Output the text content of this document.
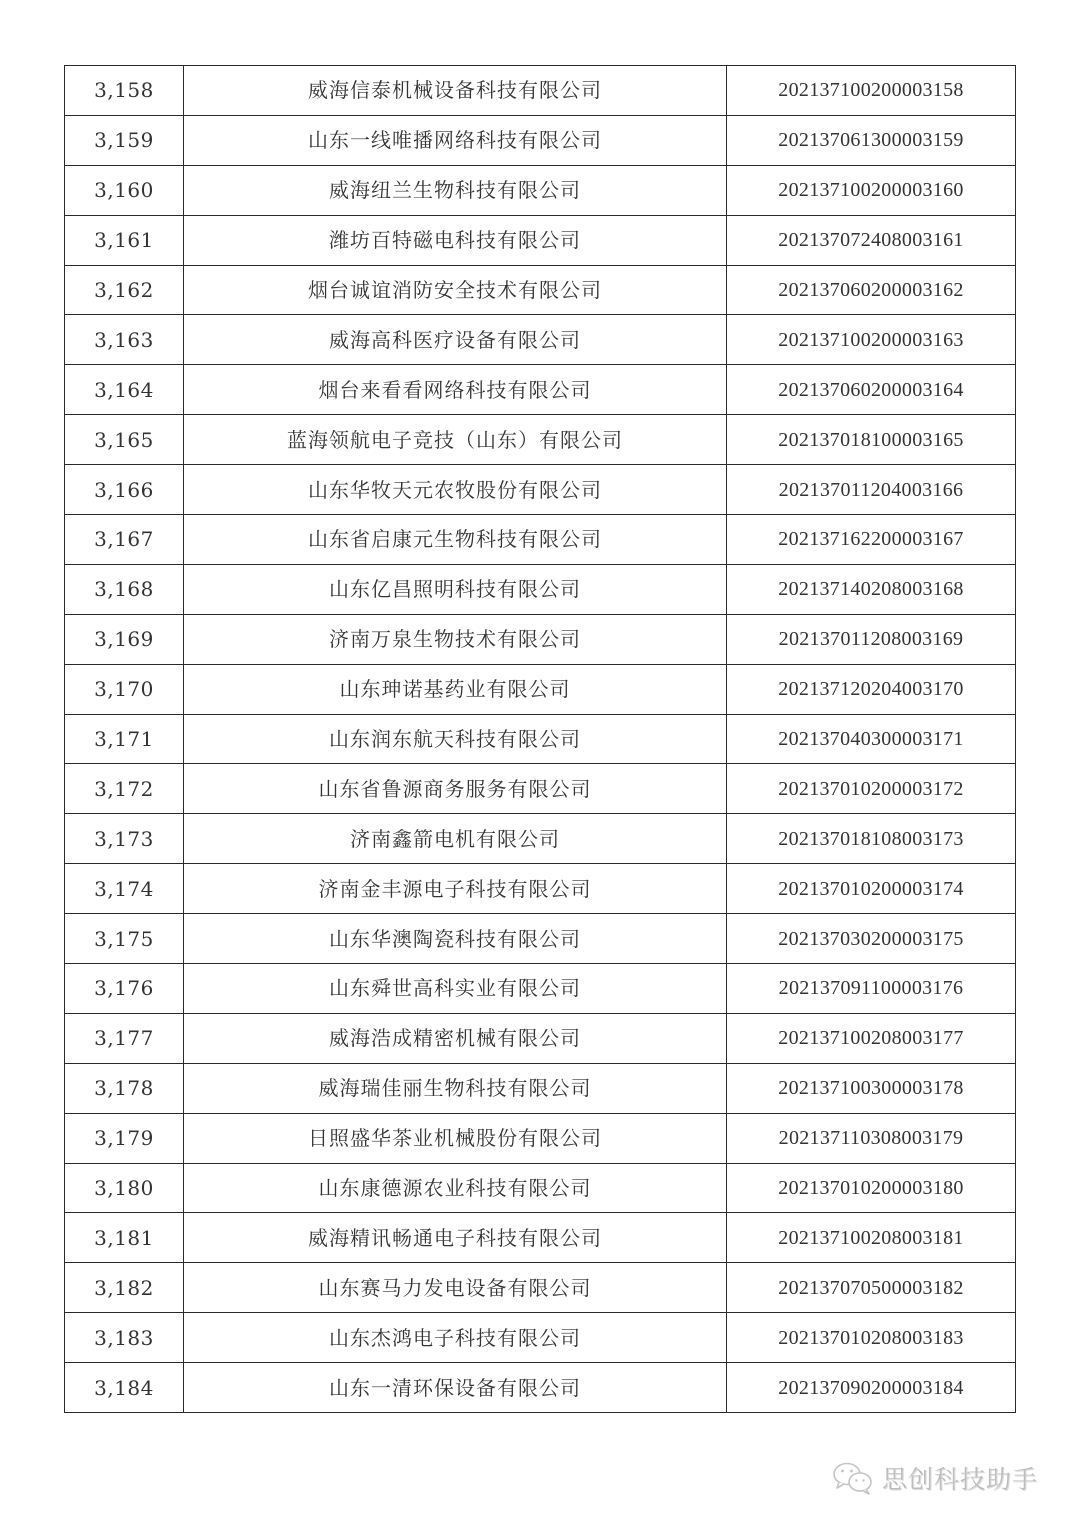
3,158	威海信泰机械设备科技有限公司	202137100200003158
3,159	山东一线唯播网络科技有限公司	202137061300003159
3,160	威海纽兰生物科技有限公司	202137100200003160
3,161	潍坊百特磁电科技有限公司	202137072408003161
3,162	烟台诚谊消防安全技术有限公司	202137060200003162
3,163	威海高科医疗设备有限公司	202137100200003163
3,164	烟台来看看网络科技有限公司	202137060200003164
3,165	蓝海领航电子竞技（山东）有限公司	202137018100003165
3,166	山东华牧天元农牧股份有限公司	202137011204003166
3,167	山东省启康元生物科技有限公司	202137162200003167
3,168	山东亿昌照明科技有限公司	202137140208003168
3,169	济南万泉生物技术有限公司	202137011208003169
3,170	山东珅诺基药业有限公司	202137120204003170
3,171	山东润东航天科技有限公司	202137040300003171
3,172	山东省鲁源商务服务有限公司	202137010200003172
3,173	济南鑫箭电机有限公司	202137018108003173
3,174	济南金丰源电子科技有限公司	202137010200003174
3,175	山东华澳陶瓷科技有限公司	202137030200003175
3,176	山东舜世高科实业有限公司	202137091100003176
3,177	威海浩成精密机械有限公司	202137100208003177
3,178	威海瑞佳丽生物科技有限公司	202137100300003178
3,179	日照盛华茶业机械股份有限公司	202137110308003179
3,180	山东康德源农业科技有限公司	202137010200003180
3,181	威海精讯畅通电子科技有限公司	202137100208003181
3,182	山东赛马力发电设备有限公司	202137070500003182
3,183	山东杰鸿电子科技有限公司	202137010208003183
3,184	山东一清环保设备有限公司	202137090200003184
思创科技助手
